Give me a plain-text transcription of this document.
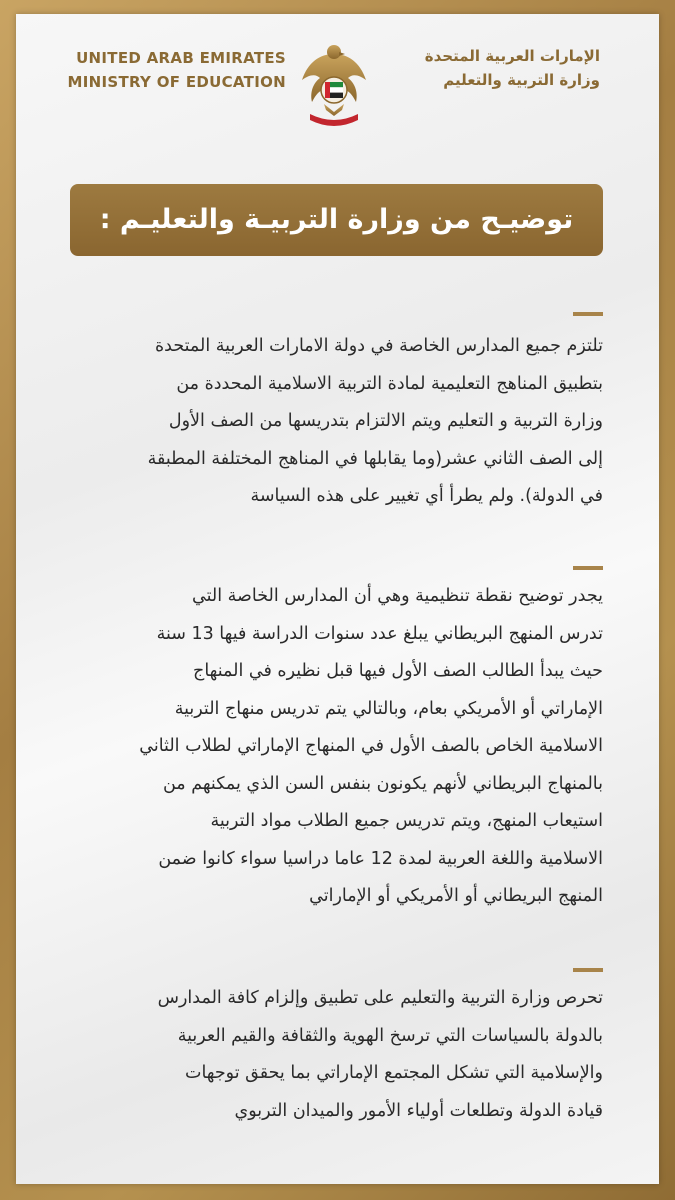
UNITED ARAB EMIRATES
MINISTRY OF EDUCATION
الإمارات العربية المتحدة
وزارة التربية والتعليم
توضيـح من وزارة التربيـة والتعليـم :
تلتزم جميع المدارس الخاصة في دولة الامارات العربية المتحدة
بتطبيق المناهج التعليمية لمادة التربية الاسلامية المحددة من
وزارة التربية و التعليم ويتم الالتزام بتدريسها من الصف الأول
إلى الصف الثاني عشر(وما يقابلها في المناهج المختلفة المطبقة
في الدولة). ولم يطرأ أي تغيير على هذه السياسة
يجدر توضيح نقطة تنظيمية وهي أن المدارس الخاصة التي
تدرس المنهج البريطاني يبلغ عدد سنوات الدراسة فيها 13 سنة
حيث يبدأ الطالب الصف الأول فيها قبل نظيره في المنهاج
الإماراتي أو الأمريكي بعام، وبالتالي يتم تدريس منهاج التربية
الاسلامية الخاص بالصف الأول في المنهاج الإماراتي لطلاب الثاني
بالمنهاج البريطاني لأنهم يكونون بنفس السن الذي يمكنهم من
استيعاب المنهج، ويتم تدريس جميع الطلاب مواد التربية
الاسلامية واللغة العربية لمدة 12 عاما دراسيا سواء كانوا ضمن
المنهج البريطاني أو الأمريكي أو الإماراتي
تحرص وزارة التربية والتعليم على تطبيق وإلزام كافة المدارس
بالدولة بالسياسات التي ترسخ الهوية والثقافة والقيم العربية
والإسلامية التي تشكل المجتمع الإماراتي بما يحقق توجهات
قيادة الدولة وتطلعات أولياء الأمور والميدان التربوي
